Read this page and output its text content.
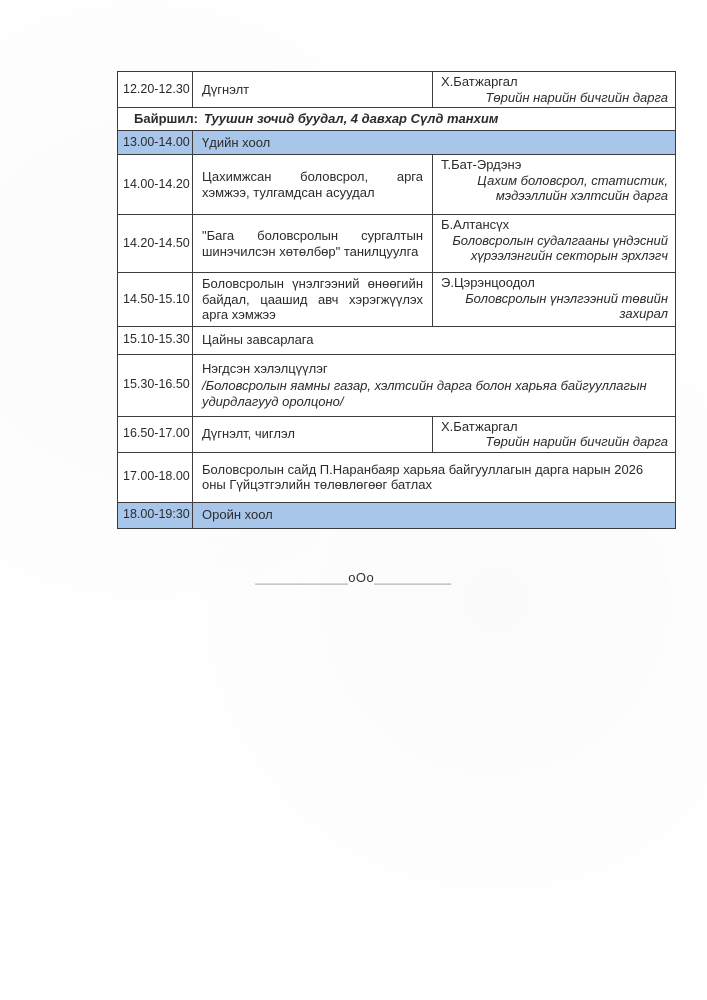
12.20-12.30 Дүгнэлт
Х.Батжаргал
Төрийн нарийн бичгийн дарга
Байршил: Туушин зочид буудал, 4 давхар Сүлд танхим
13.00-14.00 Үдийн хоол
14.00-14.20 Цахимжсан боловсрол, арга хэмжээ, тулгамдсан асуудал
Т.Бат-Эрдэнэ
Цахим боловсрол, статистик, мэдээллийн хэлтсийн дарга
14.20-14.50 "Бага боловсролын сургалтын шинэчилсэн хөтөлбөр" танилцуулга
Б.Алтансүх
Боловсролын судалгааны үндэсний хүрээлэнгийн секторын эрхлэгч
14.50-15.10
Боловсролын үнэлгээний өнөөгийн байдал, цаашид авч хэрэгжүүлэх арга хэмжээ
Э.Цэрэнцоодол
Боловсролын үнэлгээний төвийн захирал
15.10-15.30 Цайны завсарлага
15.30-16.50
Нэгдсэн хэлэлцүүлэг
/Боловсролын яамны газар, хэлтсийн дарга болон харьяа байгууллагын удирдлагууд оролцоно/
16.50-17.00 Дүгнэлт, чиглэл
Х.Батжаргал
Төрийн нарийн бичгийн дарга
17.00-18.00 Боловсролын сайд П.Наранбаяр харьяа байгууллагын дарга нарын 2026 оны Гүйцэтгэлийн төлөвлөгөөг батлах
18.00-19:30 Оройн хоол
____________оОо__________
